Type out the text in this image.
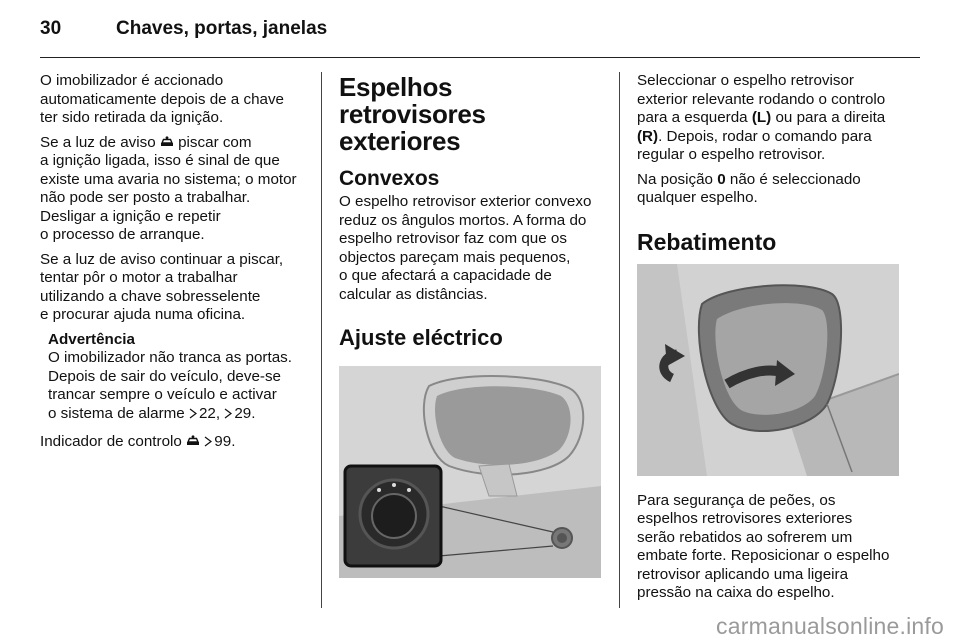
30	Chaves, portas, janelas

O imobilizador é accionado
automaticamente depois de a chave
ter sido retirada da ignição.

Se a luz de aviso  piscar com
a ignição ligada, isso é sinal de que
existe uma avaria no sistema; o motor
não pode ser posto a trabalhar.
Desligar a ignição e repetir
o processo de arranque.

Se a luz de aviso continuar a piscar,
tentar pôr o motor a trabalhar
utilizando a chave sobresselente
e procurar ajuda numa oficina.

Advertência
O imobilizador não tranca as portas.
Depois de sair do veículo, deve-se
trancar sempre o veículo e activar
o sistema de alarme 22, 29.

Indicador de controlo  99.

Espelhos retrovisores
exteriores
Convexos

O espelho retrovisor exterior convexo
reduz os ângulos mortos. A forma do
espelho retrovisor faz com que os
objectos pareçam mais pequenos,
o que afectará a capacidade de
calcular as distâncias.

Ajuste eléctrico

Seleccionar o espelho retrovisor
exterior relevante rodando o controlo
para a esquerda (L) ou para a direita
(R). Depois, rodar o comando para
regular o espelho retrovisor.

Na posição 0 não é seleccionado
qualquer espelho.

Rebatimento

Para segurança de peões, os
espelhos retrovisores exteriores
serão rebatidos ao sofrerem um
embate forte. Reposicionar o espelho
retrovisor aplicando uma ligeira
pressão na caixa do espelho.

carmanualsonline.info
